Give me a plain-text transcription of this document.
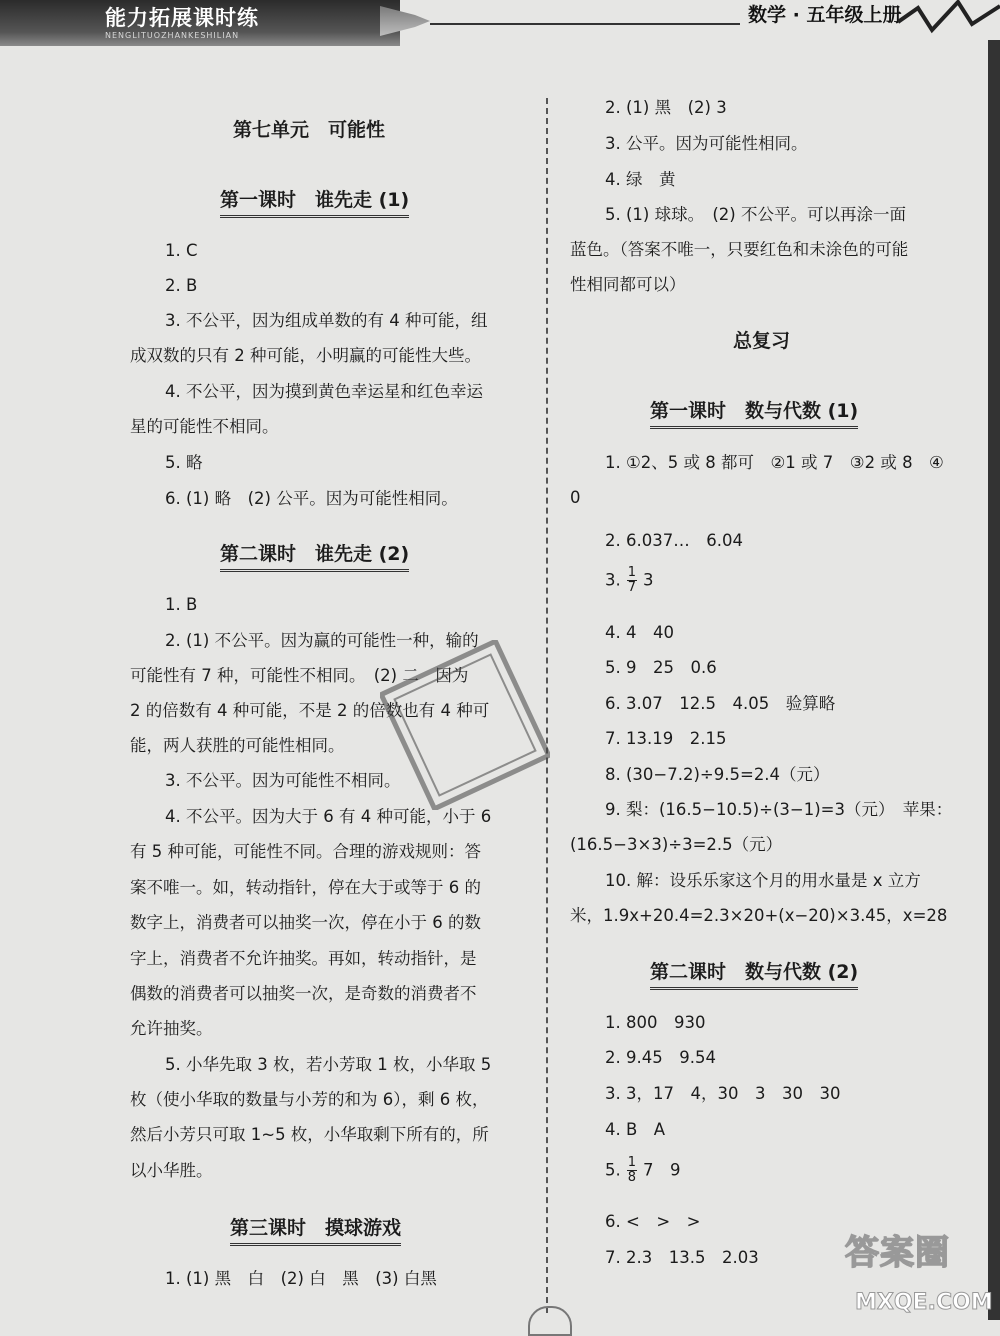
能力拓展课时练
NENGLITUOZHANKESHILIAN
数学 · 五年级上册
第七单元　可能性
第一课时　谁先走 (1)
1. C
2. B
3. 不公平，因为组成单数的有 4 种可能，组
成双数的只有 2 种可能，小明赢的可能性大些。
4. 不公平，因为摸到黄色幸运星和红色幸运
星的可能性不相同。
5. 略
6. (1) 略　(2) 公平。因为可能性相同。
第二课时　谁先走 (2)
1. B
2. (1) 不公平。因为赢的可能性一种，输的
可能性有 7 种，可能性不相同。　(2) 二　因为
2 的倍数有 4 种可能，不是 2 的倍数也有 4 种可
能，两人获胜的可能性相同。
3. 不公平。因为可能性不相同。
4. 不公平。因为大于 6 有 4 种可能，小于 6
有 5 种可能，可能性不同。合理的游戏规则：答
案不唯一。如，转动指针，停在大于或等于 6 的
数字上，消费者可以抽奖一次，停在小于 6 的数
字上，消费者不允许抽奖。再如，转动指针，是
偶数的消费者可以抽奖一次，是奇数的消费者不
允许抽奖。
5. 小华先取 3 枚，若小芳取 1 枚，小华取 5
枚（使小华取的数量与小芳的和为 6），剩 6 枚，
然后小芳只可取 1~5 枚，小华取剩下所有的，所
以小华胜。
第三课时　摸球游戏
1. (1) 黑　白　(2) 白　黑　(3) 白黑
2. (1) 黑　(2) 3
3. 公平。因为可能性相同。
4. 绿　黄
5. (1) 球球。　(2) 不公平。可以再涂一面
蓝色。（答案不唯一，只要红色和未涂色的可能
性相同都可以）
总复习
第一课时　数与代数 (1)
1. ①2、5 或 8 都可　②1 或 7　③2 或 8　④
0
2. 6.037…　6.04
3. $\frac{1}{7} 3$
4. 4　40
5. 9　25　0.6
6. 3.07　12.5　4.05　验算略
7. 13.19　2.15
8. (30−7.2)÷9.5=2.4（元）
9. 梨：(16.5−10.5)÷(3−1)=3（元）　苹果：
(16.5−3×3)÷3=2.5（元）
10. 解：设乐乐家这个月的用水量是 x 立方
米，1.9x+20.4=2.3×20+(x−20)×3.45，x=28
第二课时　数与代数 (2)
1. 800　930
2. 9.45　9.54
3. 3，17　4，30　3　30　30
4. B　A
5. $\frac{1}{8} 7$　9
6. <　>　>
7. 2.3　13.5　2.03	答案圈
MXQE.COM
